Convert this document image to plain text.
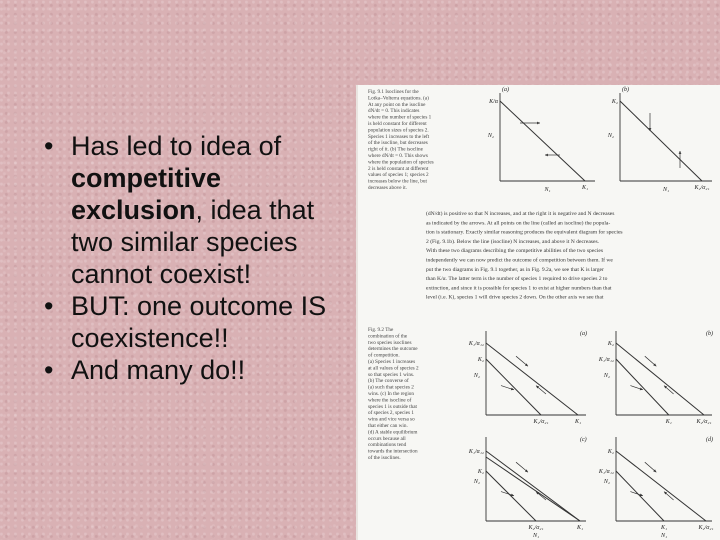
• Has led to idea of competitive exclusion, idea that two similar species cannot coexist!
• BUT: one outcome IS coexistence!!
• And many do!!
Fig. 9.1 Isoclines for the
Lotka–Volterra equations. (a)
At any point on the isocline
dN/dt = 0. This indicates
where the number of species 1
is held constant for different
population sizes of species 2.
Species 1 increases to the left
of the isocline, but decreases
right of it. (b) The isocline
where dN/dt = 0. This shows
where the population of species
2 is held constant at different
values of species 1; species 2
increases below the line, but
decreases above it.
(a)
K/α
N₂
K₁
N₁
(b)
K₂
N₂
K₂/α₂₁
N₁
(dN/dt) is positive so that N increases, and at the right it is negative and N decreases
as indicated by the arrows. At all points on the line (called an isocline) the popula-
tion is stationary. Exactly similar reasoning produces the equivalent diagram for species
2 (Fig. 9.1b). Below the line (isocline) N increases, and above it N decreases.
With these two diagrams describing the competitive abilities of the two species
independently we can now predict the outcome of competition between them. If we
put the two diagrams in Fig. 9.1 together, as in Fig. 9.2a, we see that K is larger
than K/α. The latter term is the number of species 1 required to drive species 2 to
extinction, and since it is possible for species 1 to exist at higher numbers than that
level (i.e. K), species 1 will drive species 2 down. On the other axis we see that
Fig. 9.2 The
combination of the
two species isoclines
determines the outcome
of competition.
(a) Species 1 increases
at all values of species 2
so that species 1 wins.
(b) The converse of
(a) such that species 2
wins. (c) In the region
where the isocline of
species 1 is outside that
of species 2, species 1
wins and vice versa so
that either can win.
(d) A stable equilibrium
occurs because all
combinations tend
towards the intersection
of the isoclines.
(a)
K₁/α₁₂
K₂
N₂
K₂/α₂₁	K₁
(b)
K₂
K₁/α₁₂
N₂
K₁	K₂/α₂₁
(c)
K₁/α₁₂
K₂
N₂
K₂/α₂₁	K₁
(d)
K₂
K₁/α₁₂
N₂
K₁	K₂/α₂₁
N₁	N₁
